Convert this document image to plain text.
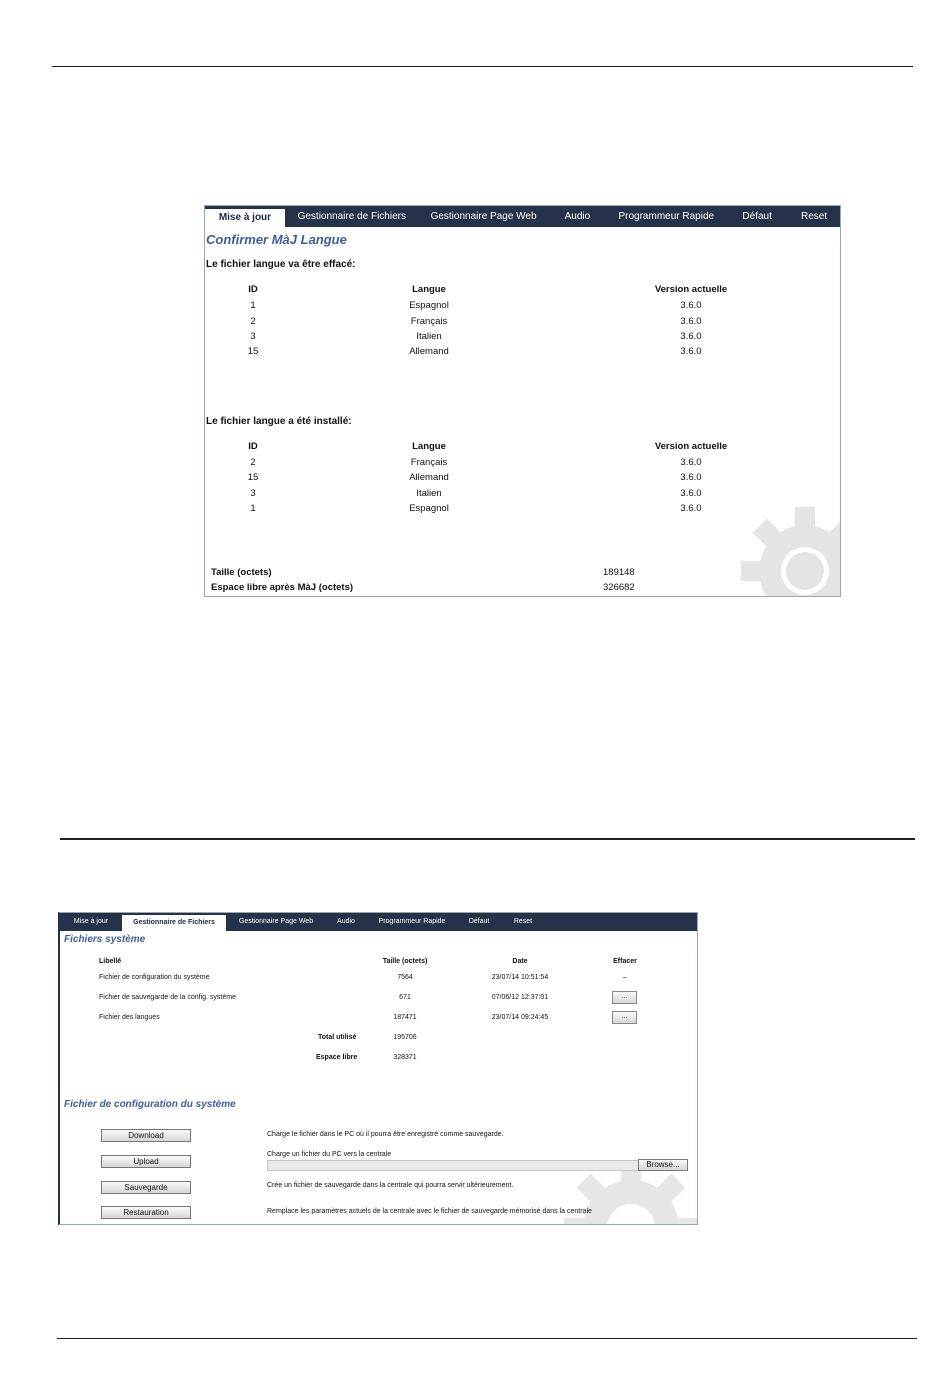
Mise à jour	Gestionnaire de Fichiers	Gestionnaire Page Web	Audio	Programmeur Rapide	Défaut	Reset
Confirmer MàJ Langue
Le fichier langue va être effacé:
ID	Langue	Version actuelle
1	Espagnol	3.6.0
2	Français	3.6.0
3	Italien	3.6.0
15	Allemand	3.6.0
Le fichier langue a été installé:
ID	Langue	Version actuelle
2	Français	3.6.0
15	Allemand	3.6.0
3	Italien	3.6.0
1	Espagnol	3.6.0
Taille (octets)	189148
Espace libre après MàJ (octets)	326682
Mise à jour	Gestionnaire de Fichiers	Gestionnaire Page Web	Audio	Programmeur Rapide	Défaut	Reset
Fichiers système
Libellé	Taille (octets)	Date	Effacer
Fichier de configuration du système	7564	23/07/14 10:51:54	–
Fichier de sauvegarde de la config. système	671	07/06/12 12:37:01	...
Fichier des langues	187471	23/07/14 09:24:45	...
Total utilisé	195706
Espace libre	328371
Fichier de configuration du système
Download	Charge le fichier dans le PC où il pourra être enregistré comme sauvegarde.
Upload
Charge un fichier du PC vers la centrale
Browse...
Sauvegarde	Crée un fichier de sauvegarde dans la centrale qui pourra servir ultérieurement.
Restauration	Remplace les paramètres actuels de la centrale avec le fichier de sauvegarde mémorisé dans la centrale
